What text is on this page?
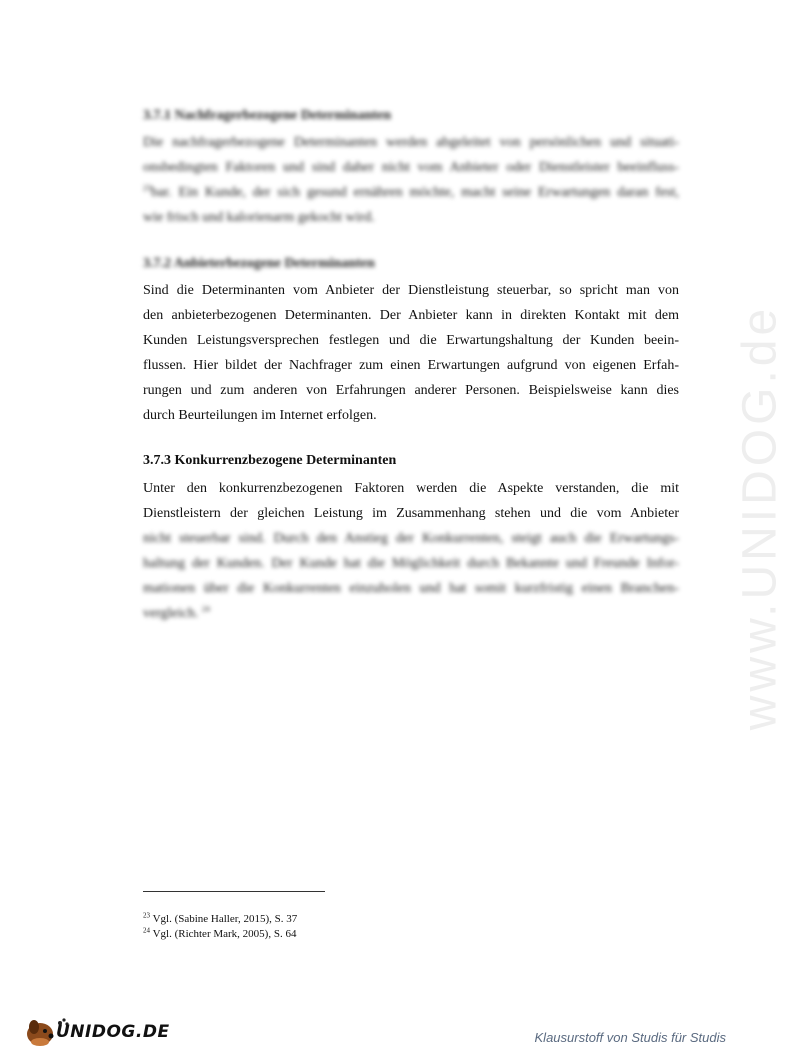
www.UNIDOG.de
3.7.1 Nachfragerbezogene Determinanten
Die nachfragerbezogene Determinanten werden abgeleitet von persönlichen und situati-
onsbedingten Faktoren und sind daher nicht vom Anbieter oder Dienstleister beeinfluss-
$^{23}$bar. Ein Kunde, der sich gesund ernähren möchte, macht seine Erwartungen daran fest,
wie frisch und kalorienarm gekocht wird.
3.7.2 Anbieterbezogene Determinanten
Sind die Determinanten vom Anbieter der Dienstleistung steuerbar, so spricht man von
den anbieterbezogenen Determinanten. Der Anbieter kann in direkten Kontakt mit dem
Kunden Leistungsversprechen festlegen und die Erwartungshaltung der Kunden beein-
flussen. Hier bildet der Nachfrager zum einen Erwartungen aufgrund von eigenen Erfah-
rungen und zum anderen von Erfahrungen anderer Personen. Beispielsweise kann dies
durch Beurteilungen im Internet erfolgen.
3.7.3 Konkurrenzbezogene Determinanten
Unter den konkurrenzbezogenen Faktoren werden die Aspekte verstanden, die mit
Dienstleistern der gleichen Leistung im Zusammenhang stehen und die vom Anbieter
nicht steuerbar sind. Durch den Anstieg der Konkurrenten, steigt auch die Erwartungs-
haltung der Kunden. Der Kunde hat die Möglichkeit durch Bekannte und Freunde Infor-
mationen über die Konkurrenten einzuholen und hat somit kurzfristig einen Branchen-
vergleich. $^{24}$
$^{23}$ Vgl. (Sabine Haller, 2015), S. 37
$^{24}$ Vgl. (Richter Mark, 2005), S. 64
UNIDOG.DE	Klausurstoff von Studis für Studis
